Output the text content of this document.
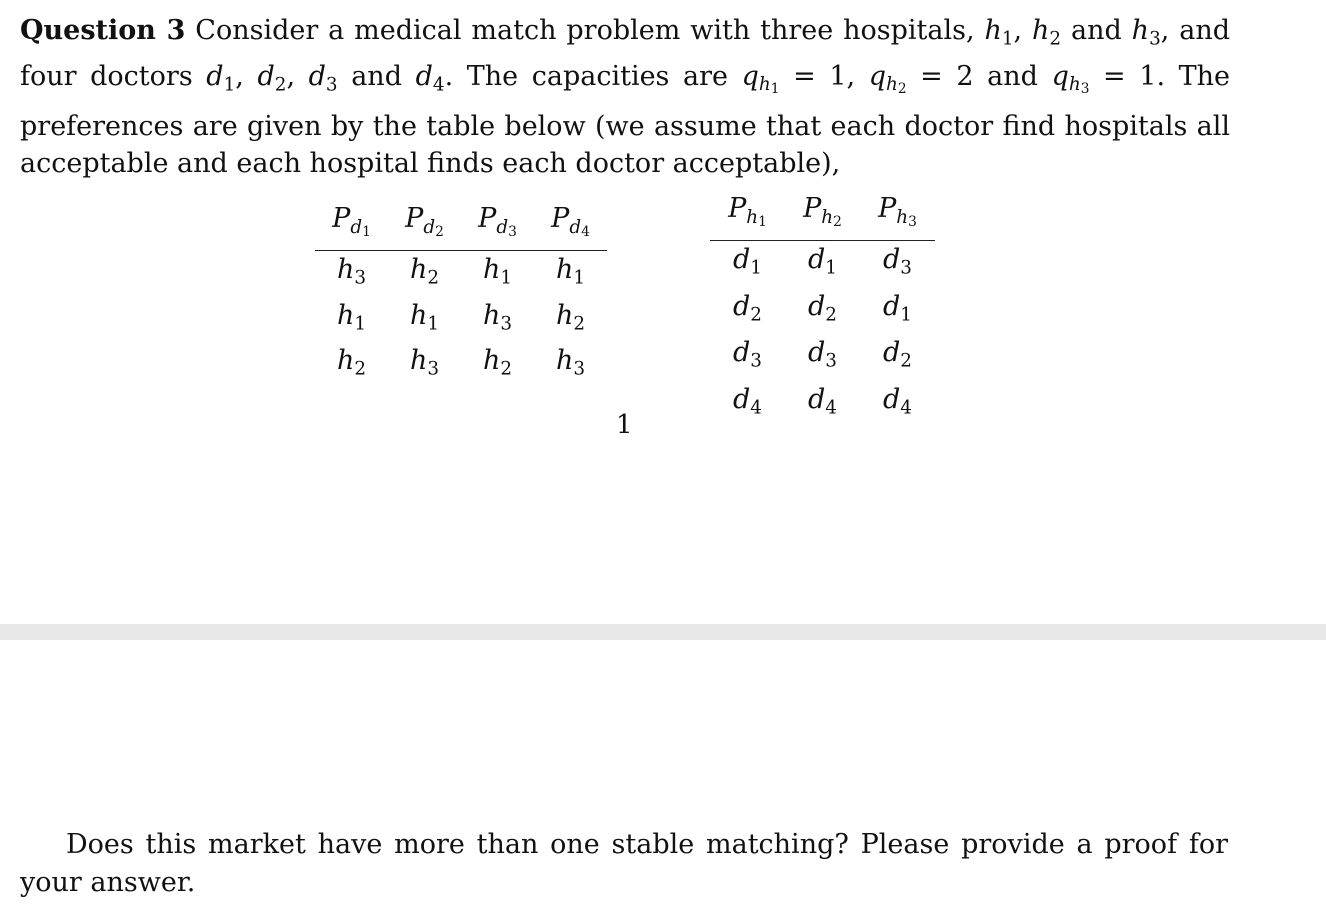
Question 3 Consider a medical match problem with three hospitals, $h_1$, $h_2$ and $h_3$, and four doctors $d_1$, $d_2$, $d_3$ and $d_4$. The capacities are $q_{h1} = 1$, $q_{h2} = 2$ and $q_{h3} = 1$. The preferences are given by the table below (we assume that each doctor find hospitals all acceptable and each hospital finds each doctor acceptable),
$P_{d1}$	$P_{d2}$	$P_{d3}$	$P_{d4}$
$h_3$	$h_2$	$h_1$	$h_1$
$h_1$	$h_1$	$h_3$	$h_2$
$h_2$	$h_3$	$h_2$	$h_3$
$P_{h1}$	$P_{h2}$	$P_{h3}$
$d_1$	$d_1$	$d_3$
$d_2$	$d_2$	$d_1$
$d_3$	$d_3$	$d_2$
$d_4$	$d_4$	$d_4$
1
Does this market have more than one stable matching? Please provide a proof for your answer.
